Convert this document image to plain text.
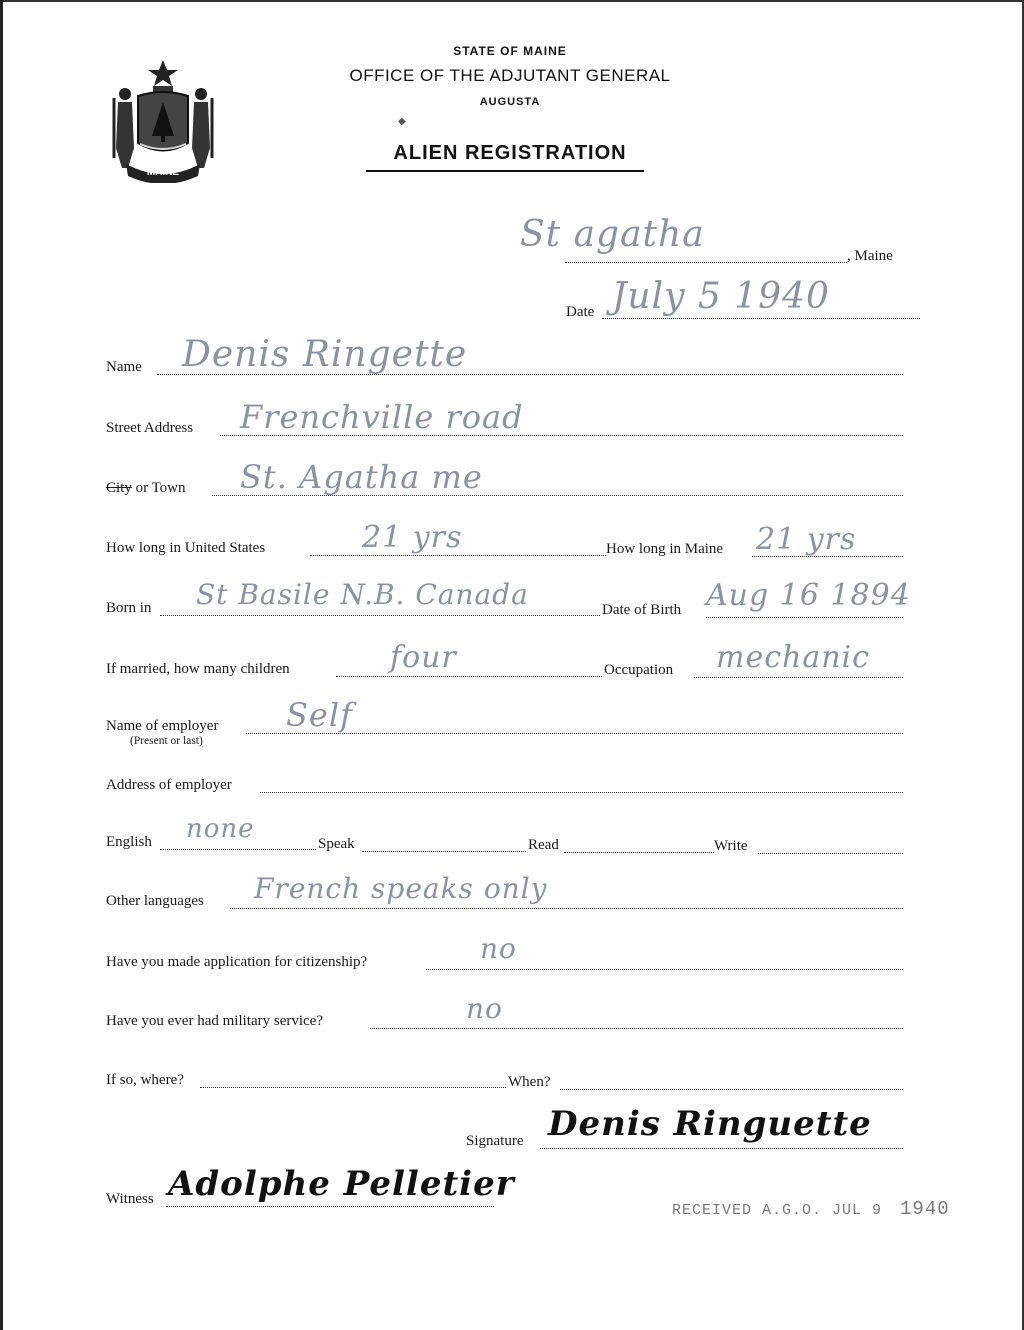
MAINE
STATE OF MAINE
OFFICE OF THE ADJUTANT GENERAL
AUGUSTA
◆
ALIEN REGISTRATION
St agatha
, Maine
Date July 5 1940
Name Denis Ringette
Street Address Frenchville road
City or Town St. Agatha me
How long in United States	21 yrs	How long in Maine 21 yrs
Born in St Basile N.B. Canada	Date of Birth Aug 16 1894
If married, how many children	four	Occupation mechanic
Name of employer
(Present or last)
Self
Address of employer
English none	Speak	Read	Write
Other languages French speaks only
Have you made application for citizenship?	no
Have you ever had military service?	no
If so, where?	When?
Signature Denis Ringuette
Witness Adolphe Pelletier
RECEIVED A.G.O. JUL 9 1940
